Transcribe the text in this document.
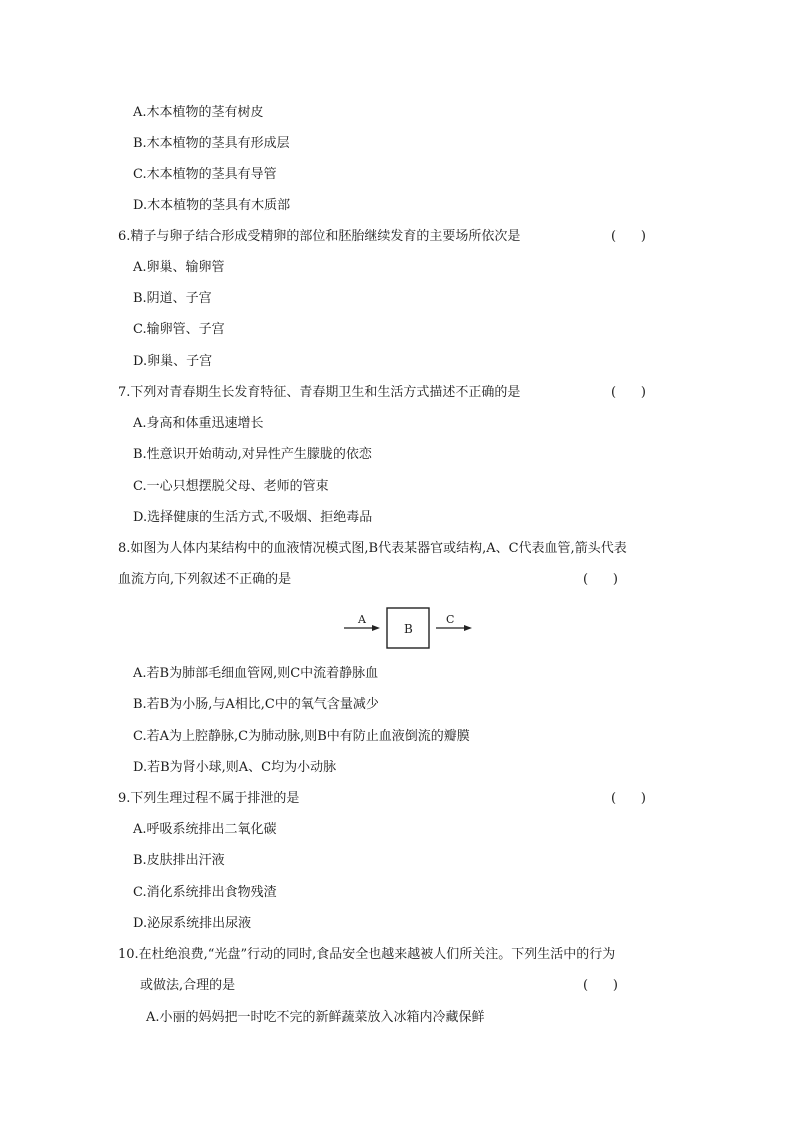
A.木本植物的茎有树皮
B.木本植物的茎具有形成层
C.木本植物的茎具有导管
D.木本植物的茎具有木质部
6.精子与卵子结合形成受精卵的部位和胚胎继续发育的主要场所依次是	(      )
A.卵巢、输卵管
B.阴道、子宫
C.输卵管、子宫
D.卵巢、子宫
7.下列对青春期生长发育特征、青春期卫生和生活方式描述不正确的是	(      )
A.身高和体重迅速增长
B.性意识开始萌动,对异性产生朦胧的依恋
C.一心只想摆脱父母、老师的管束
D.选择健康的生活方式,不吸烟、拒绝毒品
8.如图为人体内某结构中的血液情况模式图,B代表某器官或结构,A、C代表血管,箭头代表
血流方向,下列叙述不正确的是	(      )
A
B
C
A.若B为肺部毛细血管网,则C中流着静脉血
B.若B为小肠,与A相比,C中的氧气含量减少
C.若A为上腔静脉,C为肺动脉,则B中有防止血液倒流的瓣膜
D.若B为肾小球,则A、C均为小动脉
9.下列生理过程不属于排泄的是	(      )
A.呼吸系统排出二氧化碳
B.皮肤排出汗液
C.消化系统排出食物残渣
D.泌尿系统排出尿液
10.在杜绝浪费,“光盘”行动的同时,食品安全也越来越被人们所关注。下列生活中的行为
或做法,合理的是	(      )
A.小丽的妈妈把一时吃不完的新鲜蔬菜放入冰箱内冷藏保鲜
